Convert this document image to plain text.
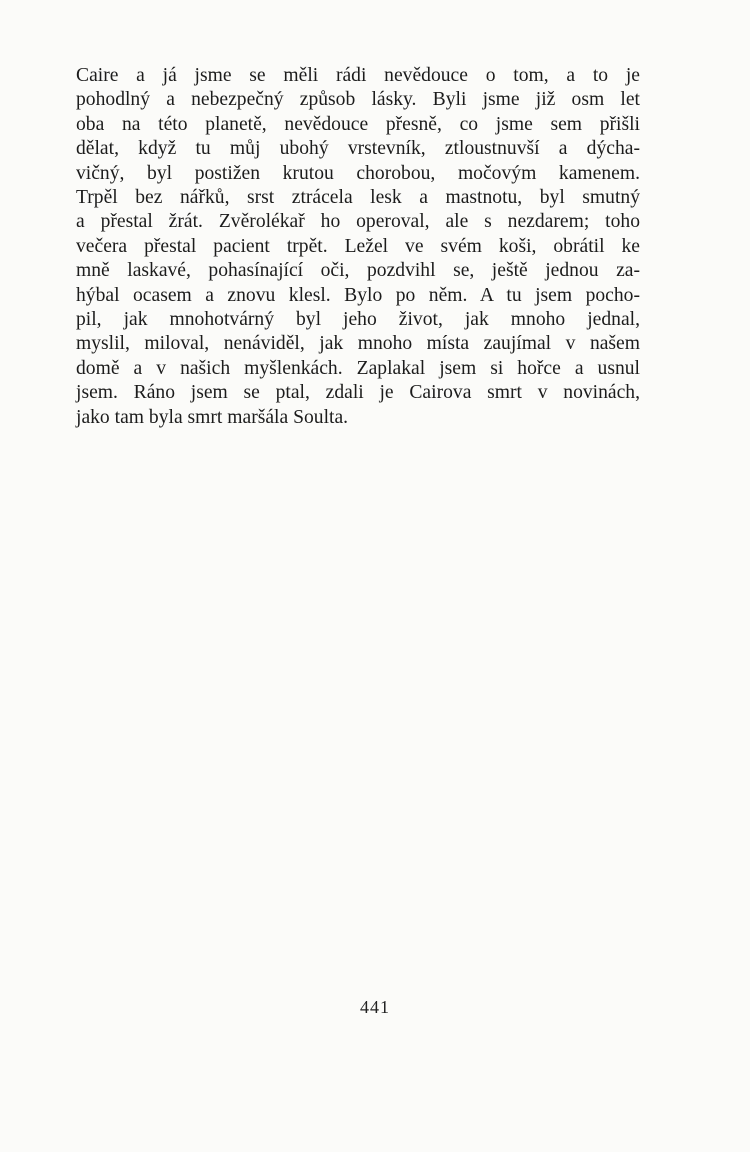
Caire a já jsme se měli rádi nevědouce o tom, a to je
pohodlný a nebezpečný způsob lásky. Byli jsme již osm let
oba na této planetě, nevědouce přesně, co jsme sem přišli
dělat, když tu můj ubohý vrstevník, ztloustnuvší a dýcha-
vičný, byl postižen krutou chorobou, močovým kamenem.
Trpěl bez nářků, srst ztrácela lesk a mastnotu, byl smutný
a přestal žrát. Zvěrolékař ho operoval, ale s nezdarem; toho
večera přestal pacient trpět. Ležel ve svém koši, obrátil ke
mně laskavé, pohasínající oči, pozdvihl se, ještě jednou za-
hýbal ocasem a znovu klesl. Bylo po něm. A tu jsem pocho-
pil, jak mnohotvárný byl jeho život, jak mnoho jednal,
myslil, miloval, nenáviděl, jak mnoho místa zaujímal v našem
domě a v našich myšlenkách. Zaplakal jsem si hořce a usnul
jsem. Ráno jsem se ptal, zdali je Cairova smrt v novinách,
jako tam byla smrt maršála Soulta.
441
